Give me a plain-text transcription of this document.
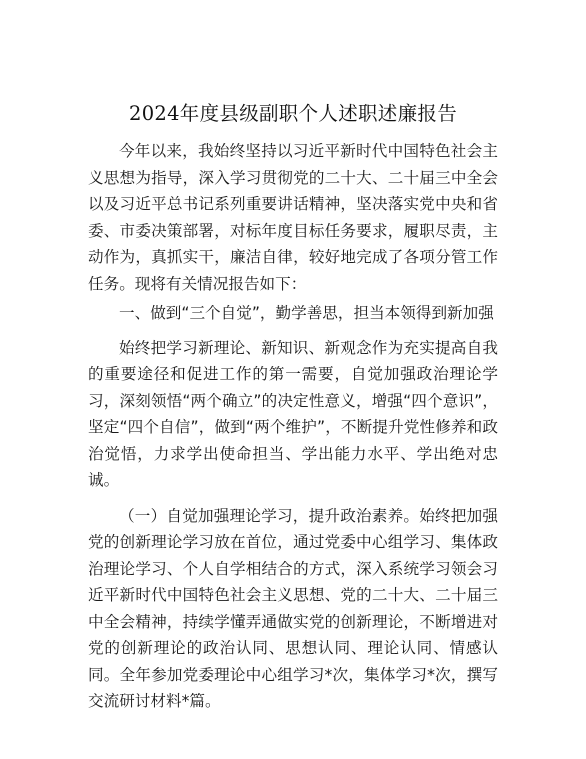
2024年度县级副职个人述职述廉报告

今年以来，我始终坚持以习近平新时代中国特色社会主义思想为指导，深入学习贯彻党的二十大、二十届三中全会以及习近平总书记系列重要讲话精神，坚决落实党中央和省委、市委决策部署，对标年度目标任务要求，履职尽责，主动作为，真抓实干，廉洁自律，较好地完成了各项分管工作任务。现将有关情况报告如下：

一、做到“三个自觉”，勤学善思，担当本领得到新加强

始终把学习新理论、新知识、新观念作为充实提高自我的重要途径和促进工作的第一需要，自觉加强政治理论学习，深刻领悟“两个确立”的决定性意义，增强“四个意识”，坚定“四个自信”，做到“两个维护”，不断提升党性修养和政治觉悟，力求学出使命担当、学出能力水平、学出绝对忠诚。

（一）自觉加强理论学习，提升政治素养。始终把加强党的创新理论学习放在首位，通过党委中心组学习、集体政治理论学习、个人自学相结合的方式，深入系统学习领会习近平新时代中国特色社会主义思想、党的二十大、二十届三中全会精神，持续学懂弄通做实党的创新理论，不断增进对党的创新理论的政治认同、思想认同、理论认同、情感认同。全年参加党委理论中心组学习*次，集体学习*次，撰写交流研讨材料*篇。
